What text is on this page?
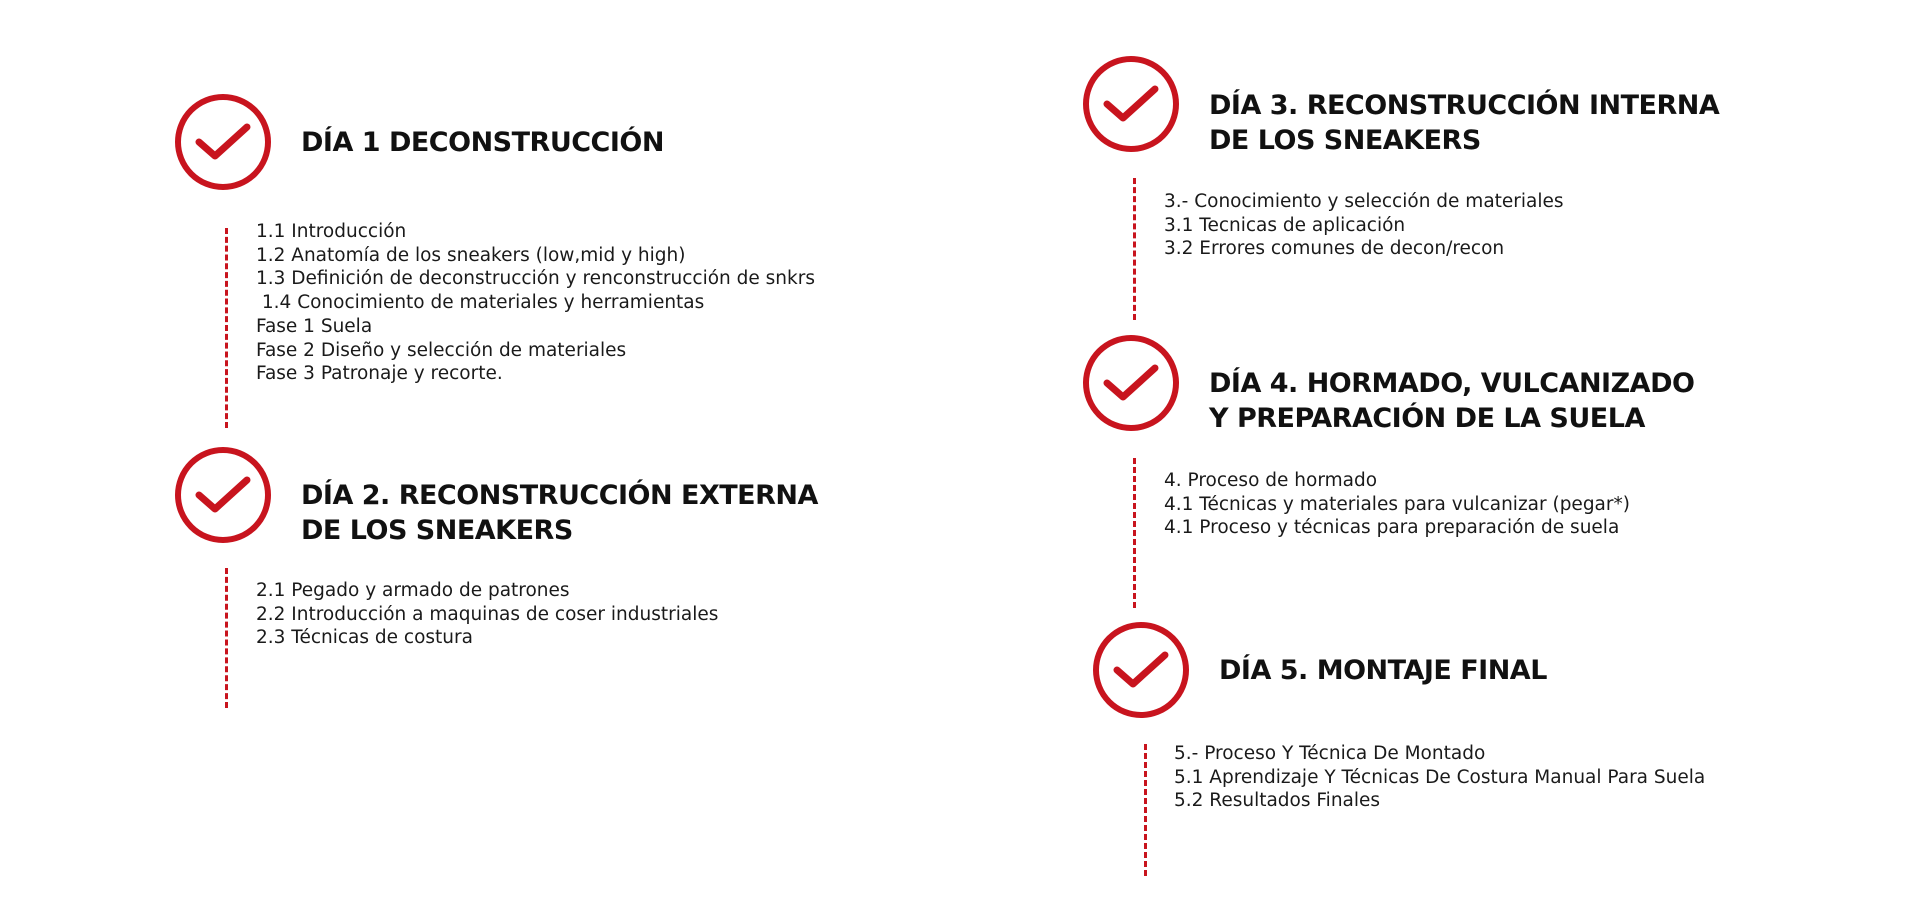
DÍA 1 DECONSTRUCCIÓN
1.1 Introducción
1.2 Anatomía de los sneakers (low,mid y high)
1.3 Definición de deconstrucción y renconstrucción de snkrs
1.4 Conocimiento de materiales y herramientas
Fase 1 Suela
Fase 2 Diseño y selección de materiales
Fase 3 Patronaje y recorte.
DÍA 2. RECONSTRUCCIÓN EXTERNA
DE LOS SNEAKERS
2.1 Pegado y armado de patrones
2.2 Introducción a maquinas de coser industriales
2.3 Técnicas de costura
DÍA 3. RECONSTRUCCIÓN INTERNA
DE LOS SNEAKERS
3.- Conocimiento y selección de materiales
3.1 Tecnicas de aplicación
3.2 Errores comunes de decon/recon
DÍA 4. HORMADO, VULCANIZADO
Y PREPARACIÓN DE LA SUELA
4. Proceso de hormado
4.1 Técnicas y materiales para vulcanizar (pegar*)
4.1 Proceso y técnicas para preparación de suela
DÍA 5. MONTAJE FINAL
5.- Proceso Y Técnica De Montado
5.1 Aprendizaje Y Técnicas De Costura Manual Para Suela
5.2 Resultados Finales
